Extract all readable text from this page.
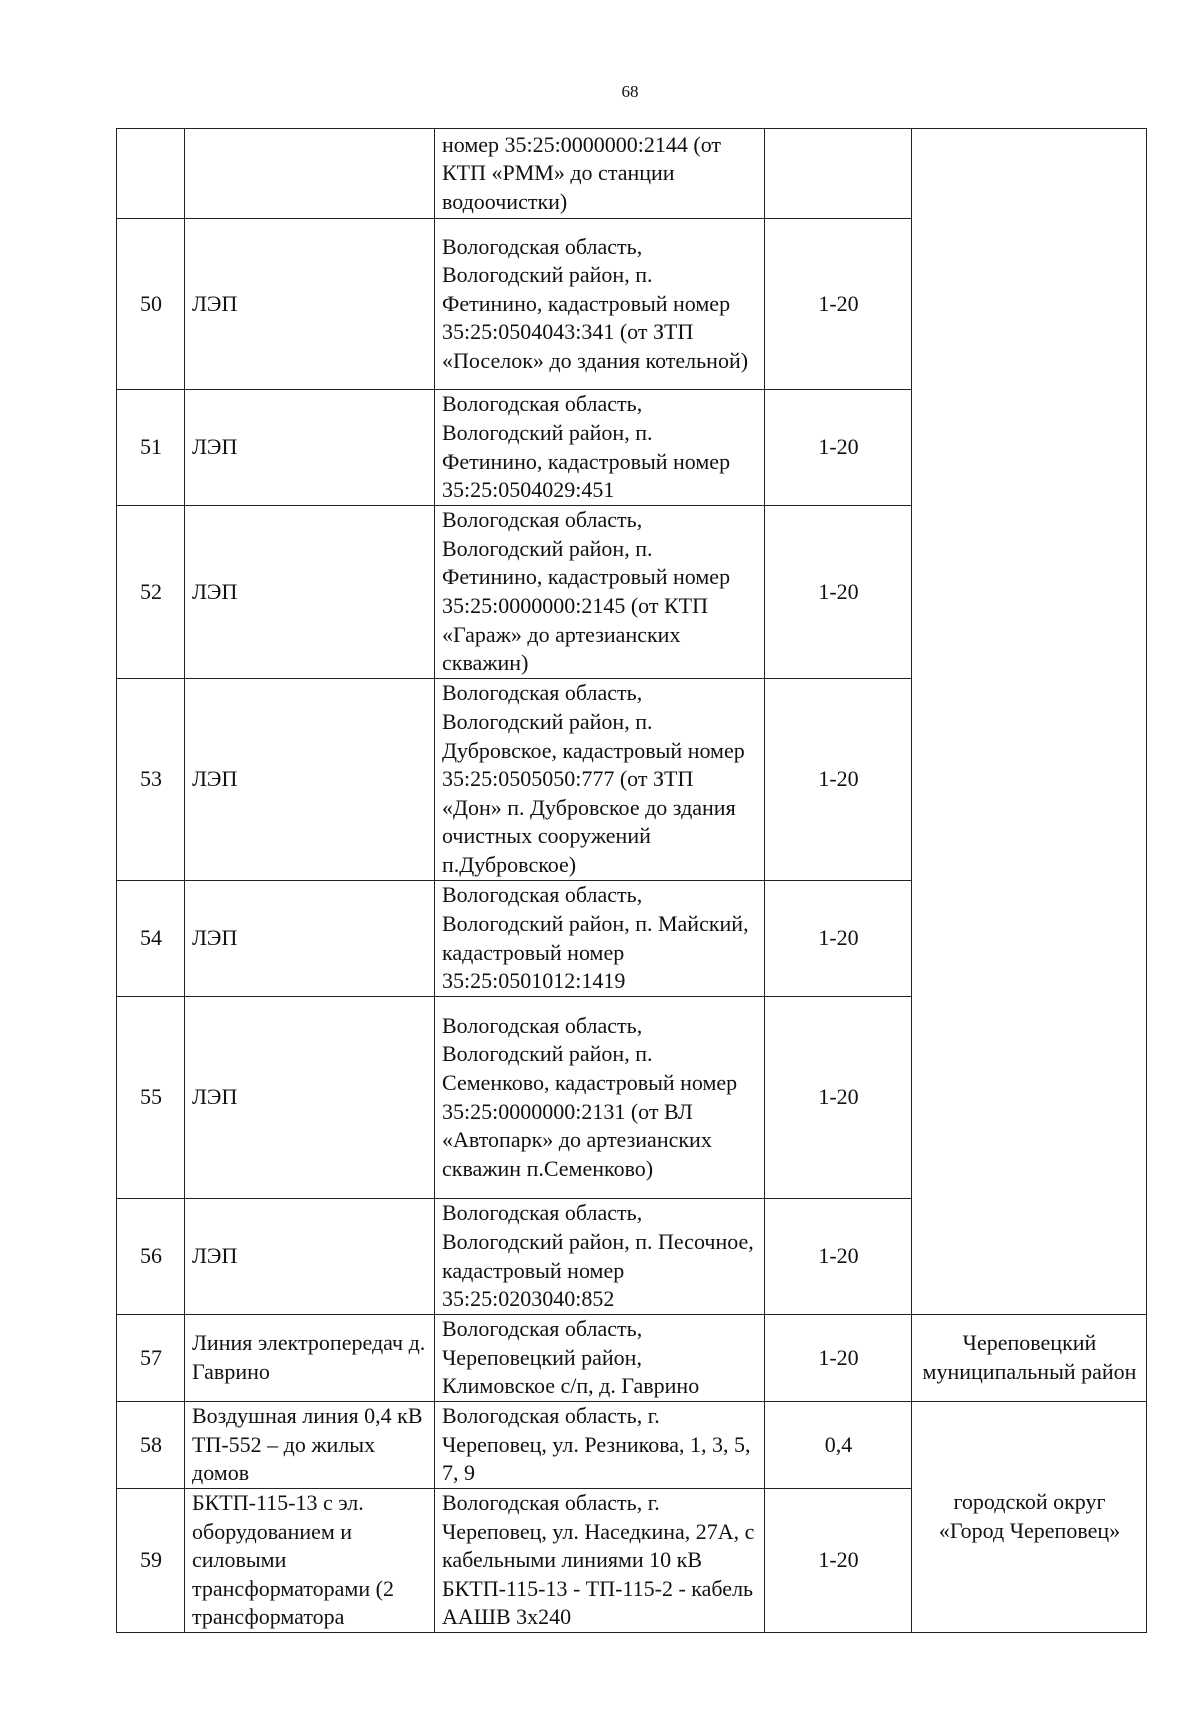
68
		номер 35:25:0000000:2144 (от КТП «РММ» до станции водоочистки)		
50	ЛЭП	Вологодская область, Вологодский район, п. Фетинино, кадастровый номер 35:25:0504043:341 (от ЗТП «Поселок» до здания котельной)	1-20	
51	ЛЭП	Вологодская область, Вологодский район, п. Фетинино, кадастровый номер 35:25:0504029:451	1-20	
52	ЛЭП	Вологодская область, Вологодский район, п. Фетинино, кадастровый номер 35:25:0000000:2145 (от КТП «Гараж» до артезианских скважин)	1-20	
53	ЛЭП	Вологодская область, Вологодский район, п. Дубровское, кадастровый номер 35:25:0505050:777 (от ЗТП «Дон» п. Дубровское до здания очистных сооружений п.Дубровское)	1-20	
54	ЛЭП	Вологодская область, Вологодский район, п. Майский, кадастровый номер 35:25:0501012:1419	1-20	
55	ЛЭП	Вологодская область, Вологодский район, п. Семенково, кадастровый номер 35:25:0000000:2131 (от ВЛ «Автопарк» до артезианских скважин п.Семенково)	1-20	
56	ЛЭП	Вологодская область, Вологодский район, п. Песочное, кадастровый номер 35:25:0203040:852	1-20	
57	Линия электропередач д. Гаврино	Вологодская область, Череповецкий район, Климовское с/п, д. Гаврино	1-20	Череповецкий муниципальный район
58	Воздушная линия 0,4 кВ ТП-552 – до жилых домов	Вологодская область, г. Череповец, ул. Резникова, 1, 3, 5, 7, 9	0,4	городской округ «Город Череповец»
59	БКТП-115-13 с эл. оборудованием и силовыми трансформаторами (2 трансформатора	Вологодская область, г. Череповец, ул. Наседкина, 27А, с кабельными линиями 10 кВ БКТП-115-13 - ТП-115-2 - кабель ААШВ 3х240	1-20	
